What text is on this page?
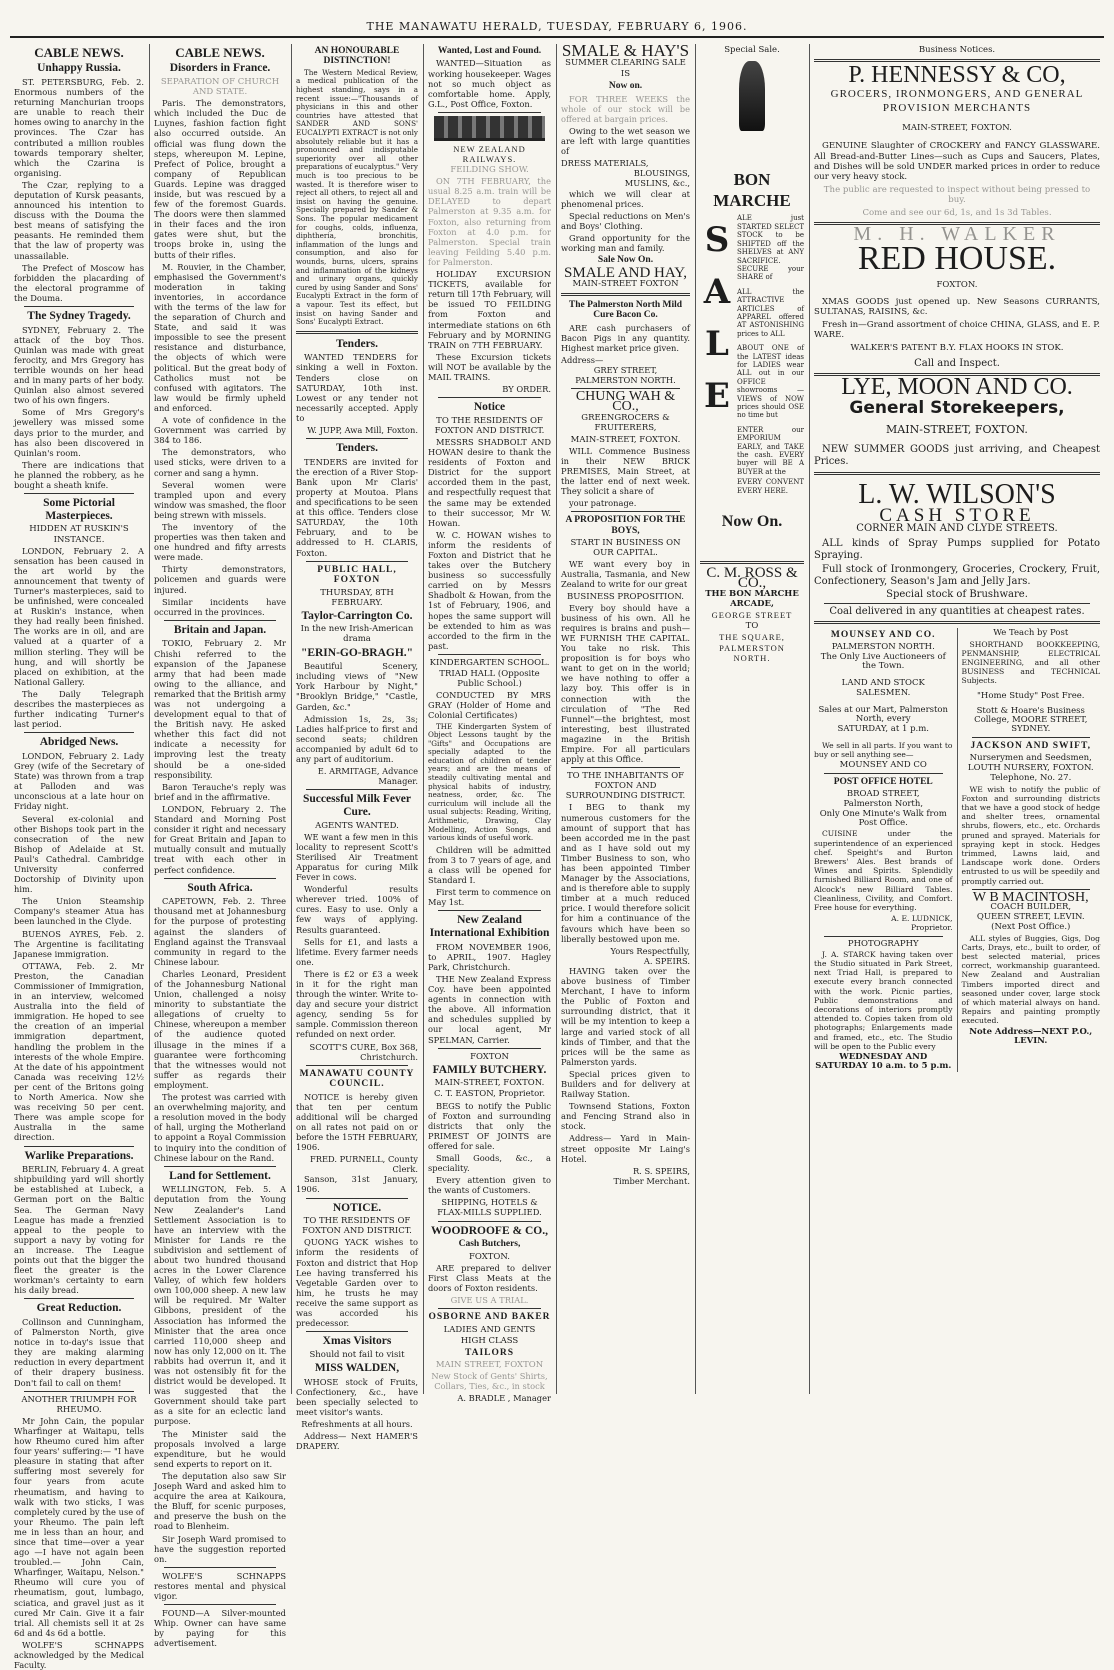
THE MANAWATU HERALD, TUESDAY, FEBRUARY 6, 1906.
CABLE NEWS.
Unhappy Russia.

ST. PETERSBURG, Feb. 2. Enormous numbers of the returning Manchurian troops are unable to reach their homes owing to anarchy in the provinces. The Czar has contributed a million roubles towards temporary shelter, which the Czarina is organising.

The Czar, replying to a deputation of Kursk peasants, announced his intention to discuss with the Douma the best means of satisfying the peasants. He reminded them that the law of property was unassailable.

The Prefect of Moscow has forbidden the placarding of the electoral programme of the Douma.

The Sydney Tragedy.

SYDNEY, February 2. The attack of the boy Thos. Quinlan was made with great ferocity, and Mrs Gregory has terrible wounds on her head and in many parts of her body. Quinlan also almost severed two of his own fingers.

Some of Mrs Gregory's jewellery was missed some days prior to the murder, and has also been discovered in Quinlan's room.

There are indications that he planned the robbery, as he bought a sheath knife.

Some Pictorial Masterpieces.
HIDDEN AT RUSKIN'S INSTANCE.

LONDON, February 2. A sensation has been caused in the art world by the announcement that twenty of Turner's masterpieces, said to be unfinished, were concealed at Ruskin's instance, when they had really been finished. The works are in oil, and are valued at a quarter of a million sterling. They will be hung, and will shortly be placed on exhibition, at the National Gallery.

The Daily Telegraph describes the masterpieces as further indicating Turner's last period.

Abridged News.

LONDON, February 2. Lady Grey (wife of the Secretary of State) was thrown from a trap at Palloden and was unconscious at a late hour on Friday night.

Several ex-colonial and other Bishops took part in the consecration of the new Bishop of Adelaide at St. Paul's Cathedral. Cambridge University conferred Doctorship of Divinity upon him.

The Union Steamship Company's steamer Atua has been launched in the Clyde.

BUENOS AYRES, Feb. 2. The Argentine is facilitating Japanese immigration.

OTTAWA, Feb. 2. Mr Preston, the Canadian Commissioner of Immigration, in an interview, welcomed Australia into the field of immigration. He hoped to see the creation of an imperial immigration department, handling the problem in the interests of the whole Empire. At the date of his appointment Canada was receiving 12½ per cent of the Britons going to North America. Now she was receiving 50 per cent. There was ample scope for Australia in the same direction.

Warlike Preparations.

BERLIN, February 4. A great shipbuilding yard will shortly be established at Lubeck, a German port on the Baltic Sea. The German Navy League has made a frenzied appeal to the people to support a navy by voting for an increase. The League points out that the bigger the fleet the greater is the workman's certainty to earn his daily bread.

Great Reduction.

Collinson and Cunningham, of Palmerston North, give notice in to-day's issue that they are making alarming reduction in every department of their drapery business. Don't fail to call on them!

ANOTHER TRIUMPH FOR RHEUMO.

Mr John Cain, the popular Wharfinger at Waitapu, tells how Rheumo cured him after four years' suffering:— "I have pleasure in stating that after suffering most severely for four years from acute rheumatism, and having to walk with two sticks, I was completely cured by the use of your Rheumo. The pain left me in less than an hour, and since that time—over a year ago —I have not again been troubled.— John Cain, Wharfinger, Waitapu, Nelson." Rheumo will cure you of rheumatism, gout, lumbago, sciatica, and gravel just as it cured Mr Cain. Give it a fair trial. All chemists sell it at 2s 6d and 4s 6d a bottle.

WOLFE'S SCHNAPPS acknowledged by the Medical Faculty.

CABLE NEWS.
Disorders in France.
SEPARATION OF CHURCH AND STATE.

Paris. The demonstrators, which included the Duc de Luynes, fashion faction fight also occurred outside. An official was flung down the steps, whereupon M. Lepine, Prefect of Police, brought a company of Republican Guards. Lepine was dragged inside, but was rescued by a few of the foremost Guards. The doors were then slammed in their faces and the iron gates were shut, but the troops broke in, using the butts of their rifles.

M. Rouvier, in the Chamber, emphasised the Government's moderation in taking inventories, in accordance with the terms of the law for the separation of Church and State, and said it was impossible to see the present resistance and disturbance, the objects of which were political. But the great body of Catholics must not be confused with agitators. The law would be firmly upheld and enforced.

A vote of confidence in the Government was carried by 384 to 186.

The demonstrators, who used sticks, were driven to a corner and sang a hymn.

Several women were trampled upon and every window was smashed, the floor being strewn with missels.

The inventory of the properties was then taken and one hundred and fifty arrests were made.

Thirty demonstrators, policemen and guards were injured.

Similar incidents have occurred in the provinces.

Britain and Japan.

TOKIO, February 2. Mr Chishi referred to the expansion of the Japanese army that had been made owing to the alliance, and remarked that the British army was not undergoing a development equal to that of the British navy. He asked whether this fact did not indicate a necessity for improving lest the treaty should be a one-sided responsibility.

Baron Terauche's reply was brief and in the affirmative.

LONDON, February 2. The Standard and Morning Post consider it right and necessary for Great Britain and Japan to mutually consult and mutually treat with each other in perfect confidence.

South Africa.

CAPETOWN, Feb. 2. Three thousand met at Johannesburg for the purpose of protesting against the slanders of England against the Transvaal community in regard to the Chinese labour.

Charles Leonard, President of the Johannesburg National Union, challenged a noisy minority to substantiate the allegations of cruelty to Chinese, whereupon a member of the audience quoted illusage in the mines if a guarantee were forthcoming that the witnesses would not suffer as regards their employment.

The protest was carried with an overwhelming majority, and a resolution moved in the body of hall, urging the Motherland to appoint a Royal Commission to inquiry into the condition of Chinese labour on the Rand.

Land for Settlement.

WELLINGTON, Feb. 5. A deputation from the Young New Zealander's Land Settlement Association is to have an interview with the Minister for Lands re the subdivision and settlement of about two hundred thousand acres in the Lower Clarence Valley, of which few holders own 100,000 sheep. A new law will be required. Mr Walter Gibbons, president of the Association has informed the Minister that the area once carried 110,000 sheep and now has only 12,000 on it. The rabbits had overrun it, and it was not ostensibly fit for the district would be developed. It was suggested that the Government should take part as a site for an eclectic land purpose.

The Minister said the proposals involved a large expenditure, but he would send experts to report on it.

The deputation also saw Sir Joseph Ward and asked him to acquire the area at Kaikoura, the Bluff, for scenic purposes, and preserve the bush on the road to Blenheim.

Sir Joseph Ward promised to have the suggestion reported on.

WOLFE'S SCHNAPPS restores mental and physical vigor.

FOUND—A Silver-mounted Whip. Owner can have same by paying for this advertisement.

AN HONOURABLE DISTINCTION!

The Western Medical Review, a medical publication of the highest standing, says in a recent issue:—"Thousands of physicians in this and other countries have attested that SANDER AND SONS' EUCALYPTI EXTRACT is not only absolutely reliable but it has a pronounced and indisputable superiority over all other preparations of eucalyptus." Very much is too precious to be wasted. It is therefore wiser to reject all others, to reject all and insist on having the genuine. Specially prepared by Sander & Sons. The popular medicament for coughs, colds, influenza, diphtheria, bronchitis, inflammation of the lungs and consumption, and also for wounds, burns, ulcers, sprains and inflammation of the kidneys and urinary organs, quickly cured by using Sander and Sons' Eucalypti Extract in the form of a vapour. Test its effect, but insist on having Sander and Sons' Eucalypti Extract.

Tenders.

WANTED TENDERS for sinking a well in Foxton. Tenders close on SATURDAY, 10th inst. Lowest or any tender not necessarily accepted. Apply to

W. JUPP, Awa Mill, Foxton.
Tenders.

TENDERS are invited for the erection of a River Stop-Bank upon Mr Claris' property at Moutoa. Plans and specifications to be seen at this office. Tenders close SATURDAY, the 10th February, and to be addressed to H. CLARIS, Foxton.

PUBLIC HALL, FOXTON
THURSDAY, 8TH FEBRUARY.
Taylor-Carrington Co.
In the new Irish-American drama
"ERIN-GO-BRAGH."

Beautiful Scenery, including views of "New York Harbour by Night," "Brooklyn Bridge," "Castle, Garden, &c."

Admission 1s, 2s, 3s; Ladies half-price to first and second seats; children accompanied by adult 6d to any part of auditorium.

E. ARMITAGE, Advance Manager.
Successful Milk Fever Cure.
AGENTS WANTED.

WE want a few men in this locality to represent Scott's Sterilised Air Treatment Apparatus for curing Milk Fever in cows.

Wonderful results wherever tried. 100% of cures. Easy to use. Only a few ways of applying. Results guaranteed.

Sells for £1, and lasts a lifetime. Every farmer needs one.

There is £2 or £3 a week in it for the right man through the winter. Write to-day and secure your district agency, sending 5s for sample. Commission thereon refunded on next order.

SCOTT'S CURE, Box 368, Christchurch.
MANAWATU COUNTY COUNCIL.

NOTICE is hereby given that ten per centum additional will be charged on all rates not paid on or before the 15TH FEBRUARY, 1906.

FRED. PURNELL, County Clerk.

Sanson, 31st January, 1906.

NOTICE.
TO THE RESIDENTS OF FOXTON AND DISTRICT.

QUONG YACK wishes to inform the residents of Foxton and district that Hop Lee having transferred his Vegetable Garden over to him, he trusts he may receive the same support as was accorded his predecessor.

Xmas Visitors
Should not fail to visit
MISS WALDEN,

WHOSE stock of Fruits, Confectionery, &c., have been specially selected to meet visitor's wants.

Refreshments at all hours.

Address— Next HAMER'S DRAPERY.

Wanted, Lost and Found.

WANTED—Situation as working housekeeper. Wages not so much object as comfortable home. Apply, G.L., Post Office, Foxton.

NEW ZEALAND RAILWAYS.
FEILDING SHOW.

ON 7TH FEBRUARY, the usual 8.25 a.m. train will be DELAYED to depart Palmerston at 9.35 a.m. for Foxton, also returning from Foxton at 4.0 p.m. for Palmerston. Special train leaving Feilding 5.40 p.m. for Palmerston.

HOLIDAY EXCURSION TICKETS, available for return till 17th February, will be issued TO FEILDING from Foxton and intermediate stations on 6th February and by MORNING TRAIN on 7TH FEBRUARY.

These Excursion tickets will NOT be available by the MAIL TRAINS.

BY ORDER.
Notice
TO THE RESIDENTS OF FOXTON AND DISTRICT.

MESSRS SHADBOLT AND HOWAN desire to thank the residents of Foxton and District for the support accorded them in the past, and respectfully request that the same may be extended to their successor, Mr W. Howan.

W. C. HOWAN wishes to inform the residents of Foxton and District that he takes over the Butchery business so successfully carried on by Messrs Shadbolt & Howan, from the 1st of February, 1906, and hopes the same support will be extended to him as was accorded to the firm in the past.

KINDERGARTEN SCHOOL.
TRIAD HALL (Opposite Public School.)

CONDUCTED BY MRS GRAY (Holder of Home and Colonial Certificates)

THE Kindergarten System of Object Lessons taught by the "Gifts" and Occupations are specially adapted to the education of children of tender years; and are the means of steadily cultivating mental and physical habits of industry, neatness, order, &c. The curriculum will include all the usual subjects: Reading, Writing, Arithmetic, Drawing, Clay Modelling, Action Songs, and various kinds of useful work.

Children will be admitted from 3 to 7 years of age, and a class will be opened for Standard I.

First term to commence on May 1st.

New Zealand International Exhibition

FROM NOVEMBER 1906, to APRIL, 1907. Hagley Park, Christchurch.

THE New Zealand Express Coy. have been appointed agents in connection with the above. All information and schedules supplied by our local agent, Mr SPELMAN, Carrier.

FOXTON
FAMILY BUTCHERY.
MAIN-STREET, FOXTON.
C. T. EASTON, Proprietor.

BEGS to notify the Public of Foxton and surrounding districts that only the PRIMEST OF JOINTS are offered for sale.

Small Goods, &c., a speciality.

Every attention given to the wants of Customers.

SHIPPING, HOTELS & FLAX-MILLS SUPPLIED.

WOODROOFE & CO.,
Cash Butchers,
FOXTON.

ARE prepared to deliver First Class Meats at the doors of Foxton residents.

GIVE US A TRIAL.

OSBORNE AND BAKER
LADIES AND GENTS
HIGH CLASS
TAILORS
MAIN STREET, FOXTON

New Stock of Gents' Shirts, Collars, Ties, &c., in stock

A. BRADLE , Manager
SMALE & HAY'S
SUMMER CLEARING SALE
IS
Now on.

FOR THREE WEEKS the whole of our stock will be offered at bargain prices.

Owing to the wet season we are left with large quantities of

DRESS MATERIALS,
BLOUSINGS,
MUSLINS, &c.,

which we will clear at phenomenal prices.

Special reductions on Men's and Boys' Clothing.

Grand opportunity for the working man and family.

Sale Now On.
SMALE AND HAY,
MAIN-STREET FOXTON
The Palmerston North Mild Cure Bacon Co.

ARE cash purchasers of Bacon Pigs in any quantity. Highest market price given.

Address—
GREY STREET,
PALMERSTON NORTH.
CHUNG WAH & CO.,
GREENGROCERS & FRUITERERS,
MAIN-STREET, FOXTON.

WILL Commence Business in their NEW BRICK PREMISES, Main Street, at the latter end of next week. They solicit a share of

your patronage.

A PROPOSITION FOR THE BOYS,
START IN BUSINESS ON OUR CAPITAL.

WE want every boy in Australia, Tasmania, and New Zealand to write for our great

BUSINESS PROPOSITION.

Every boy should have a business of his own. All he requires is brains and push—WE FURNISH THE CAPITAL. You take no risk. This proposition is for boys who want to get on in the world; we have nothing to offer a lazy boy. This offer is in connection with the circulation of "The Red Funnel"—the brightest, most interesting, best illustrated magazine in the British Empire. For all particulars apply at this Office.

TO THE INHABITANTS OF FOXTON AND SURROUNDING DISTRICT.

I BEG to thank my numerous customers for the amount of support that has been accorded me in the past and as I have sold out my Timber Business to son, who has been appointed Timber Manager by the Associations, and is therefore able to supply timber at a much reduced price. I would therefore solicit for him a continuance of the favours which have been so liberally bestowed upon me.

Yours Respectfully,
A. SPEIRS.

HAVING taken over the above business of Timber Merchant, I have to inform the Public of Foxton and surrounding district, that it will be my intention to keep a large and varied stock of all kinds of Timber, and that the prices will be the same as Palmerston yards.

Special prices given to Builders and for delivery at Railway Station.

Townsend Stations, Foxton and Fencing Strand also in stock.

Address— Yard in Main-street opposite Mr Laing's Hotel.

R. S. SPEIRS,
Timber Merchant.
Special Sale.
BON
MARCHE
S
A
L
E

ALE just STARTED SELECT STOCK to be SHIFTED off the SHELVES at ANY SACRIFICE. SECURE your SHARE of

ALL the ATTRACTIVE ARTICLES of APPAREL offered AT ASTONISHING prices to ALL

ABOUT ONE of the LATEST ideas for LADIES wear ALL out in our OFFICE showrooms — VIEWS of NOW prices should OSE no time but

ENTER our EMPORIUM EARLY, and TAKE the cash. EVERY buyer will BE A BUYER at the

EVERY CONVENT EVERY HERE.

Now On.
C. M. ROSS & CO.,
THE BON MARCHE ARCADE,
GEORGE STREET
TO
THE SQUARE,
PALMERSTON NORTH.
Business Notices.
P. HENNESSY & CO,
GROCERS, IRONMONGERS, AND GENERAL PROVISION MERCHANTS
MAIN-STREET, FOXTON.

GENUINE Slaughter of CROCKERY and FANCY GLASSWARE. All Bread-and-Butter Lines—such as Cups and Saucers, Plates, and Dishes will be sold UNDER marked prices in order to reduce our very heavy stock.

The public are requested to inspect without being pressed to buy.

Come and see our 6d, 1s, and 1s 3d Tables.

M. H. WALKER
RED HOUSE.
FOXTON.

XMAS GOODS just opened up. New Seasons CURRANTS, SULTANAS, RAISINS, &c.

Fresh in—Grand assortment of choice CHINA, GLASS, and E. P. WARE.

WALKER'S PATENT B.Y. FLAX HOOKS IN STOK.

Call and Inspect.

LYE, MOON AND CO.
General Storekeepers,
MAIN-STREET, FOXTON.

NEW SUMMER GOODS just arriving, and Cheapest Prices.

L. W. WILSON'S
CASH STORE
CORNER MAIN AND CLYDE STREETS.

ALL kinds of Spray Pumps supplied for Potato Spraying.

Full stock of Ironmongery, Groceries, Crockery, Fruit, Confectionery, Season's Jam and Jelly Jars.

Special stock of Brushware.

Coal delivered in any quantities at cheapest rates.

MOUNSEY AND CO.
PALMERSTON NORTH.
The Only Live Auctioneers of the Town.
LAND AND STOCK SALESMEN.
Sales at our Mart, Palmerston North, every
SATURDAY, at 1 p.m.

We sell in all parts. If you want to buy or sell anything see—

MOUNSEY AND CO
POST OFFICE HOTEL
BROAD STREET,
Palmerston North,
Only One Minute's Walk from Post Office.

CUISINE under the superintendence of an experienced chef. Speight's and Burton Brewers' Ales. Best brands of Wines and Spirits. Splendidly furnished Billiard Room, and one of Alcock's new Billiard Tables. Cleanliness, Civility, and Comfort. Free house for everything.

A. E. LUDNICK,
Proprietor.
PHOTOGRAPHY

J. A. STARCK having taken over the Studio situated in Park Street, next Triad Hall, is prepared to execute every branch connected with the work. Picnic parties, Public demonstrations and decorations of interiors promptly attended to. Copies taken from old photographs; Enlargements made and framed, etc., etc. The Studio will be open to the Public every

WEDNESDAY AND SATURDAY 10 a.m. to 5 p.m.
We Teach by Post

SHORTHAND BOOKKEEPING, PENMANSHIP, ELECTRICAL ENGINEERING, and all other BUSINESS and TECHNICAL Subjects.

"Home Study" Post Free.
Stott & Hoare's Business College, MOORE STREET, SYDNEY.
JACKSON AND SWIFT,
Nurserymen and Seedsmen,
LOUTH NURSERY, FOXTON.
Telephone, No. 27.

WE wish to notify the public of Foxton and surrounding districts that we have a good stock of hedge and shelter trees, ornamental shrubs, flowers, etc., etc. Orchards pruned and sprayed. Materials for spraying kept in stock. Hedges trimmed, Lawns laid, and Landscape work done. Orders entrusted to us will be speedily and promptly carried out.

W B MACINTOSH,
COACH BUILDER,
QUEEN STREET, LEVIN.
(Next Post Office.)

ALL styles of Buggies, Gigs, Dog Carts, Drays, etc., built to order, of best selected material, prices correct, workmanship guaranteed. New Zealand and Australian Timbers imported direct and seasoned under cover, large stock of which material always on hand. Repairs and painting promptly executed.

Note Address—NEXT P.O., LEVIN.
